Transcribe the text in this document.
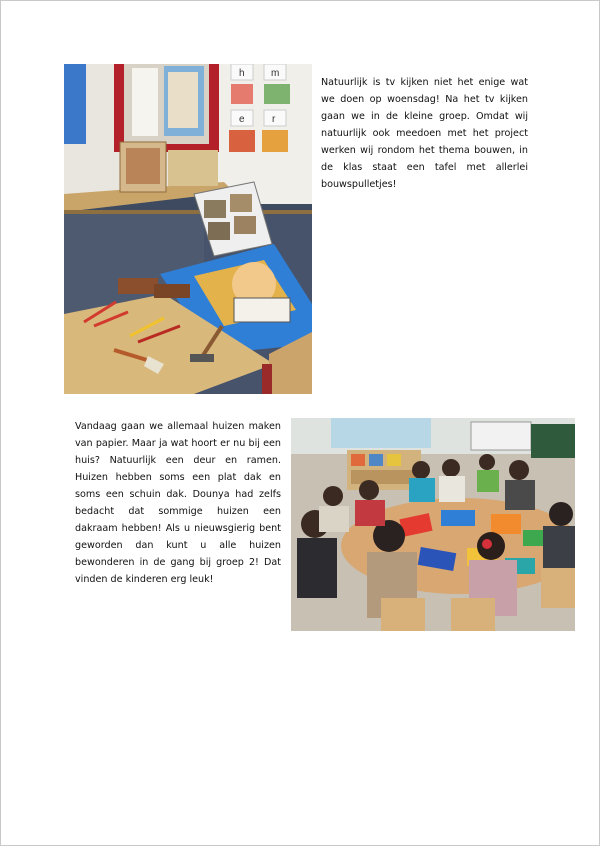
h	m
e	r

Natuurlijk is tv kijken niet het enige wat we doen op woensdag! Na het tv kijken gaan we in de kleine groep. Omdat wij natuurlijk ook meedoen met het project werken wij rondom het thema bouwen, in de klas staat een tafel met allerlei bouwspulletjes!

Vandaag gaan we allemaal huizen maken van papier. Maar ja wat hoort er nu bij een huis? Natuurlijk een deur en ramen. Huizen hebben soms een plat dak en soms een schuin dak. Dounya had zelfs bedacht dat sommige huizen een dakraam hebben! Als u nieuwsgierig bent geworden dan kunt u alle huizen bewonderen in de gang bij groep 2! Dat vinden de kinderen erg leuk!
